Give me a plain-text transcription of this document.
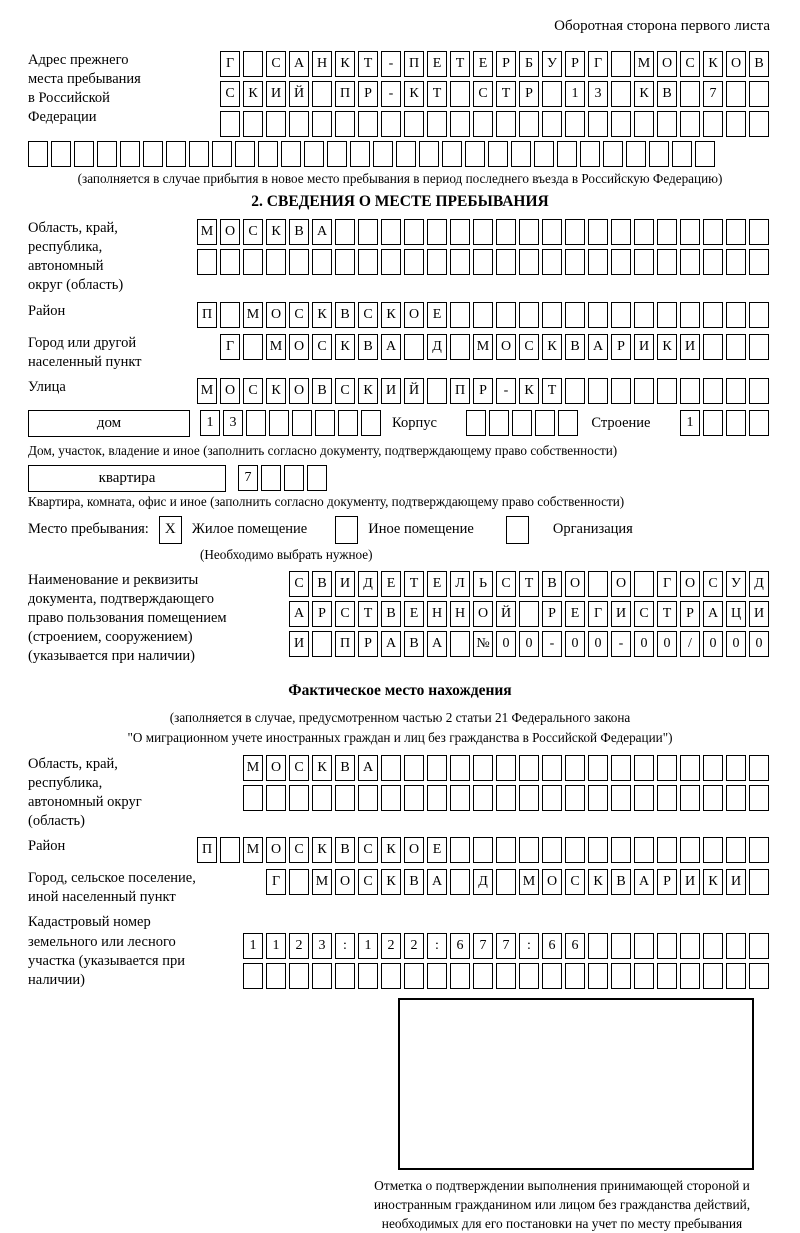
Оборотная сторона первого листа
Адрес прежнего места пребывания в Российской Федерации
Г	С А Н К	Т	-	П Е	Т	Е	Р	Б	У	Р	Г	М О С К О В
С К И Й	П	Р	-	К	Т	С	Т	Р	1	3	К В	7
(заполняется в случае прибытия в новое место пребывания в период последнего въезда в Российскую Федерацию)
2. СВЕДЕНИЯ О МЕСТЕ ПРЕБЫВАНИЯ
Область, край, республика, автономный округ (область)
М О С К В А
Район	П	М О С К В С К О Е
Город или другой населенный пункт
Г	М О С К В А	Д	М О С К В А	Р	И К И
Улица	М О С К О В С К И Й	П	Р	-	К	Т
дом	1	3	Корпус	Строение	1
Дом, участок, владение и иное (заполнить согласно документу, подтверждающему право собственности)
квартира	7
Квартира, комната, офис и иное (заполнить согласно документу, подтверждающему право собственности)
Место пребывания:	X	Жилое помещение	Иное помещение	Организация
(Необходимо выбрать нужное)
Наименование и реквизиты документа, подтверждающего право пользования помещением (строением, сооружением) (указывается при наличии)
С В И Д Е	Т	Е Л	Ь	С	Т	В О	О	Г О С У Д
А	Р	С	Т	В	Е Н Н О Й	Р	Е	Г И С	Т	Р	А Ц И
И	П	Р	А В А	№ 0	0	-	0	0	-	0	0	/	0	0	0
Фактическое место нахождения
(заполняется в случае, предусмотренном частью 2 статьи 21 Федерального закона
"О миграционном учете иностранных граждан и лиц без гражданства в Российской Федерации")
Область, край, республика, автономный округ (область)
М О С К В А
Район	П	М О С К В С К О Е
Город, сельское поселение, иной населенный пункт
Г	М О С К В А	Д	М О С К В А	Р	И К И
Кадастровый номер земельного или лесного участка (указывается при наличии)
1	1	2	3	:	1	2	2	:	6	7	7	:	6	6
Отметка о подтверждении выполнения принимающей стороной и иностранным гражданином или лицом без гражданства действий, необходимых для его постановки на учет по месту пребывания
